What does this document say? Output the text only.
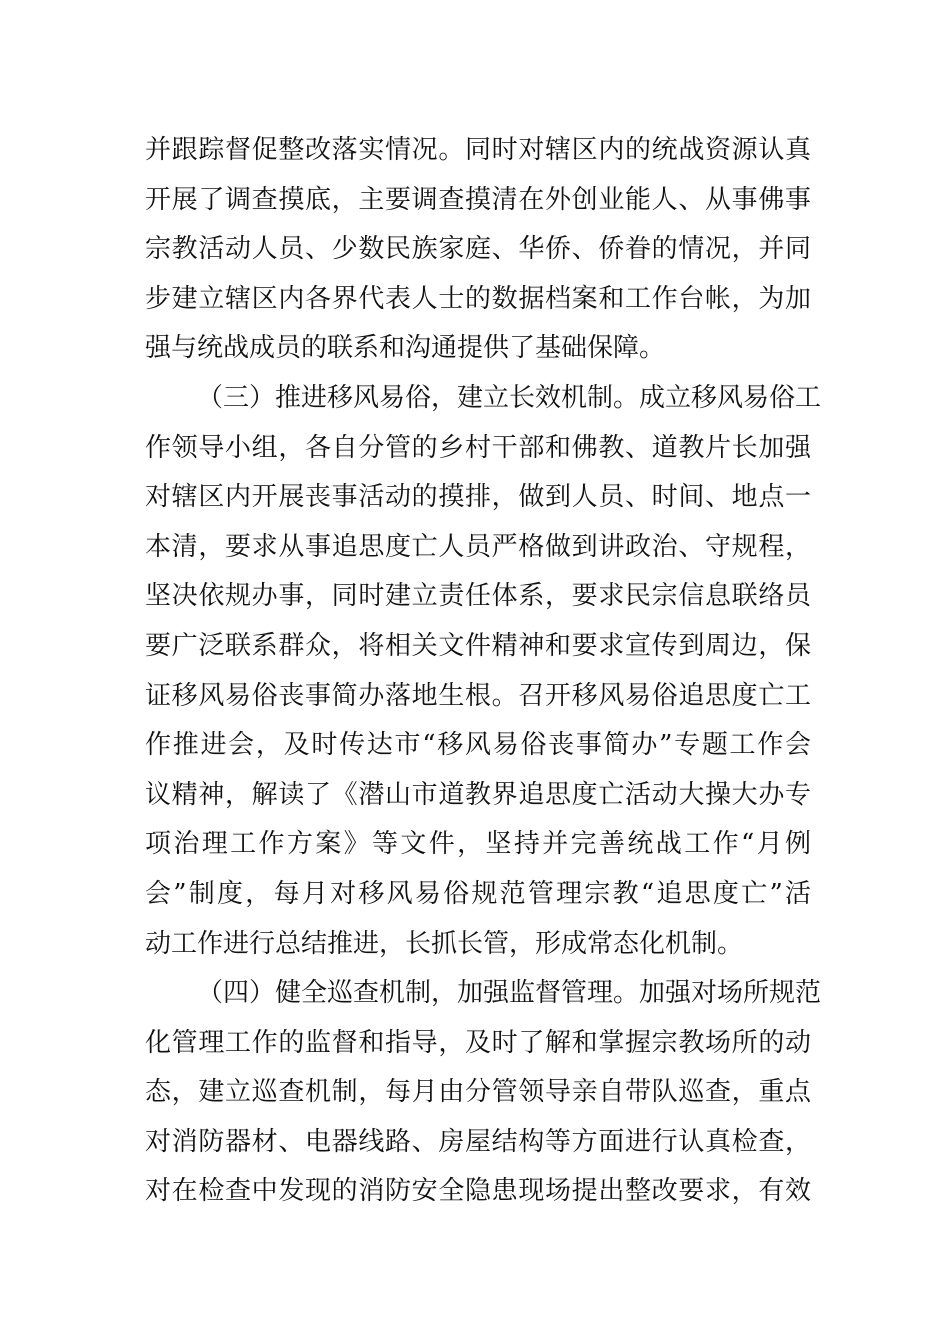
并跟踪督促整改落实情况。同时对辖区内的统战资源认真
开展了调查摸底，主要调查摸清在外创业能人、从事佛事
宗教活动人员、少数民族家庭、华侨、侨眷的情况，并同
步建立辖区内各界代表人士的数据档案和工作台帐，为加
强与统战成员的联系和沟通提供了基础保障。
（三）推进移风易俗，建立长效机制。成立移风易俗工
作领导小组，各自分管的乡村干部和佛教、道教片长加强
对辖区内开展丧事活动的摸排，做到人员、时间、地点一
本清，要求从事追思度亡人员严格做到讲政治、守规程，
坚决依规办事，同时建立责任体系，要求民宗信息联络员
要广泛联系群众，将相关文件精神和要求宣传到周边，保
证移风易俗丧事简办落地生根。召开移风易俗追思度亡工
作推进会，及时传达市“移风易俗丧事简办”专题工作会
议精神，解读了《潜山市道教界追思度亡活动大操大办专
项治理工作方案》等文件，坚持并完善统战工作“月例
会”制度，每月对移风易俗规范管理宗教“追思度亡”活
动工作进行总结推进，长抓长管，形成常态化机制。
（四）健全巡查机制，加强监督管理。加强对场所规范
化管理工作的监督和指导，及时了解和掌握宗教场所的动
态，建立巡查机制，每月由分管领导亲自带队巡查，重点
对消防器材、电器线路、房屋结构等方面进行认真检查，
对在检查中发现的消防安全隐患现场提出整改要求，有效
